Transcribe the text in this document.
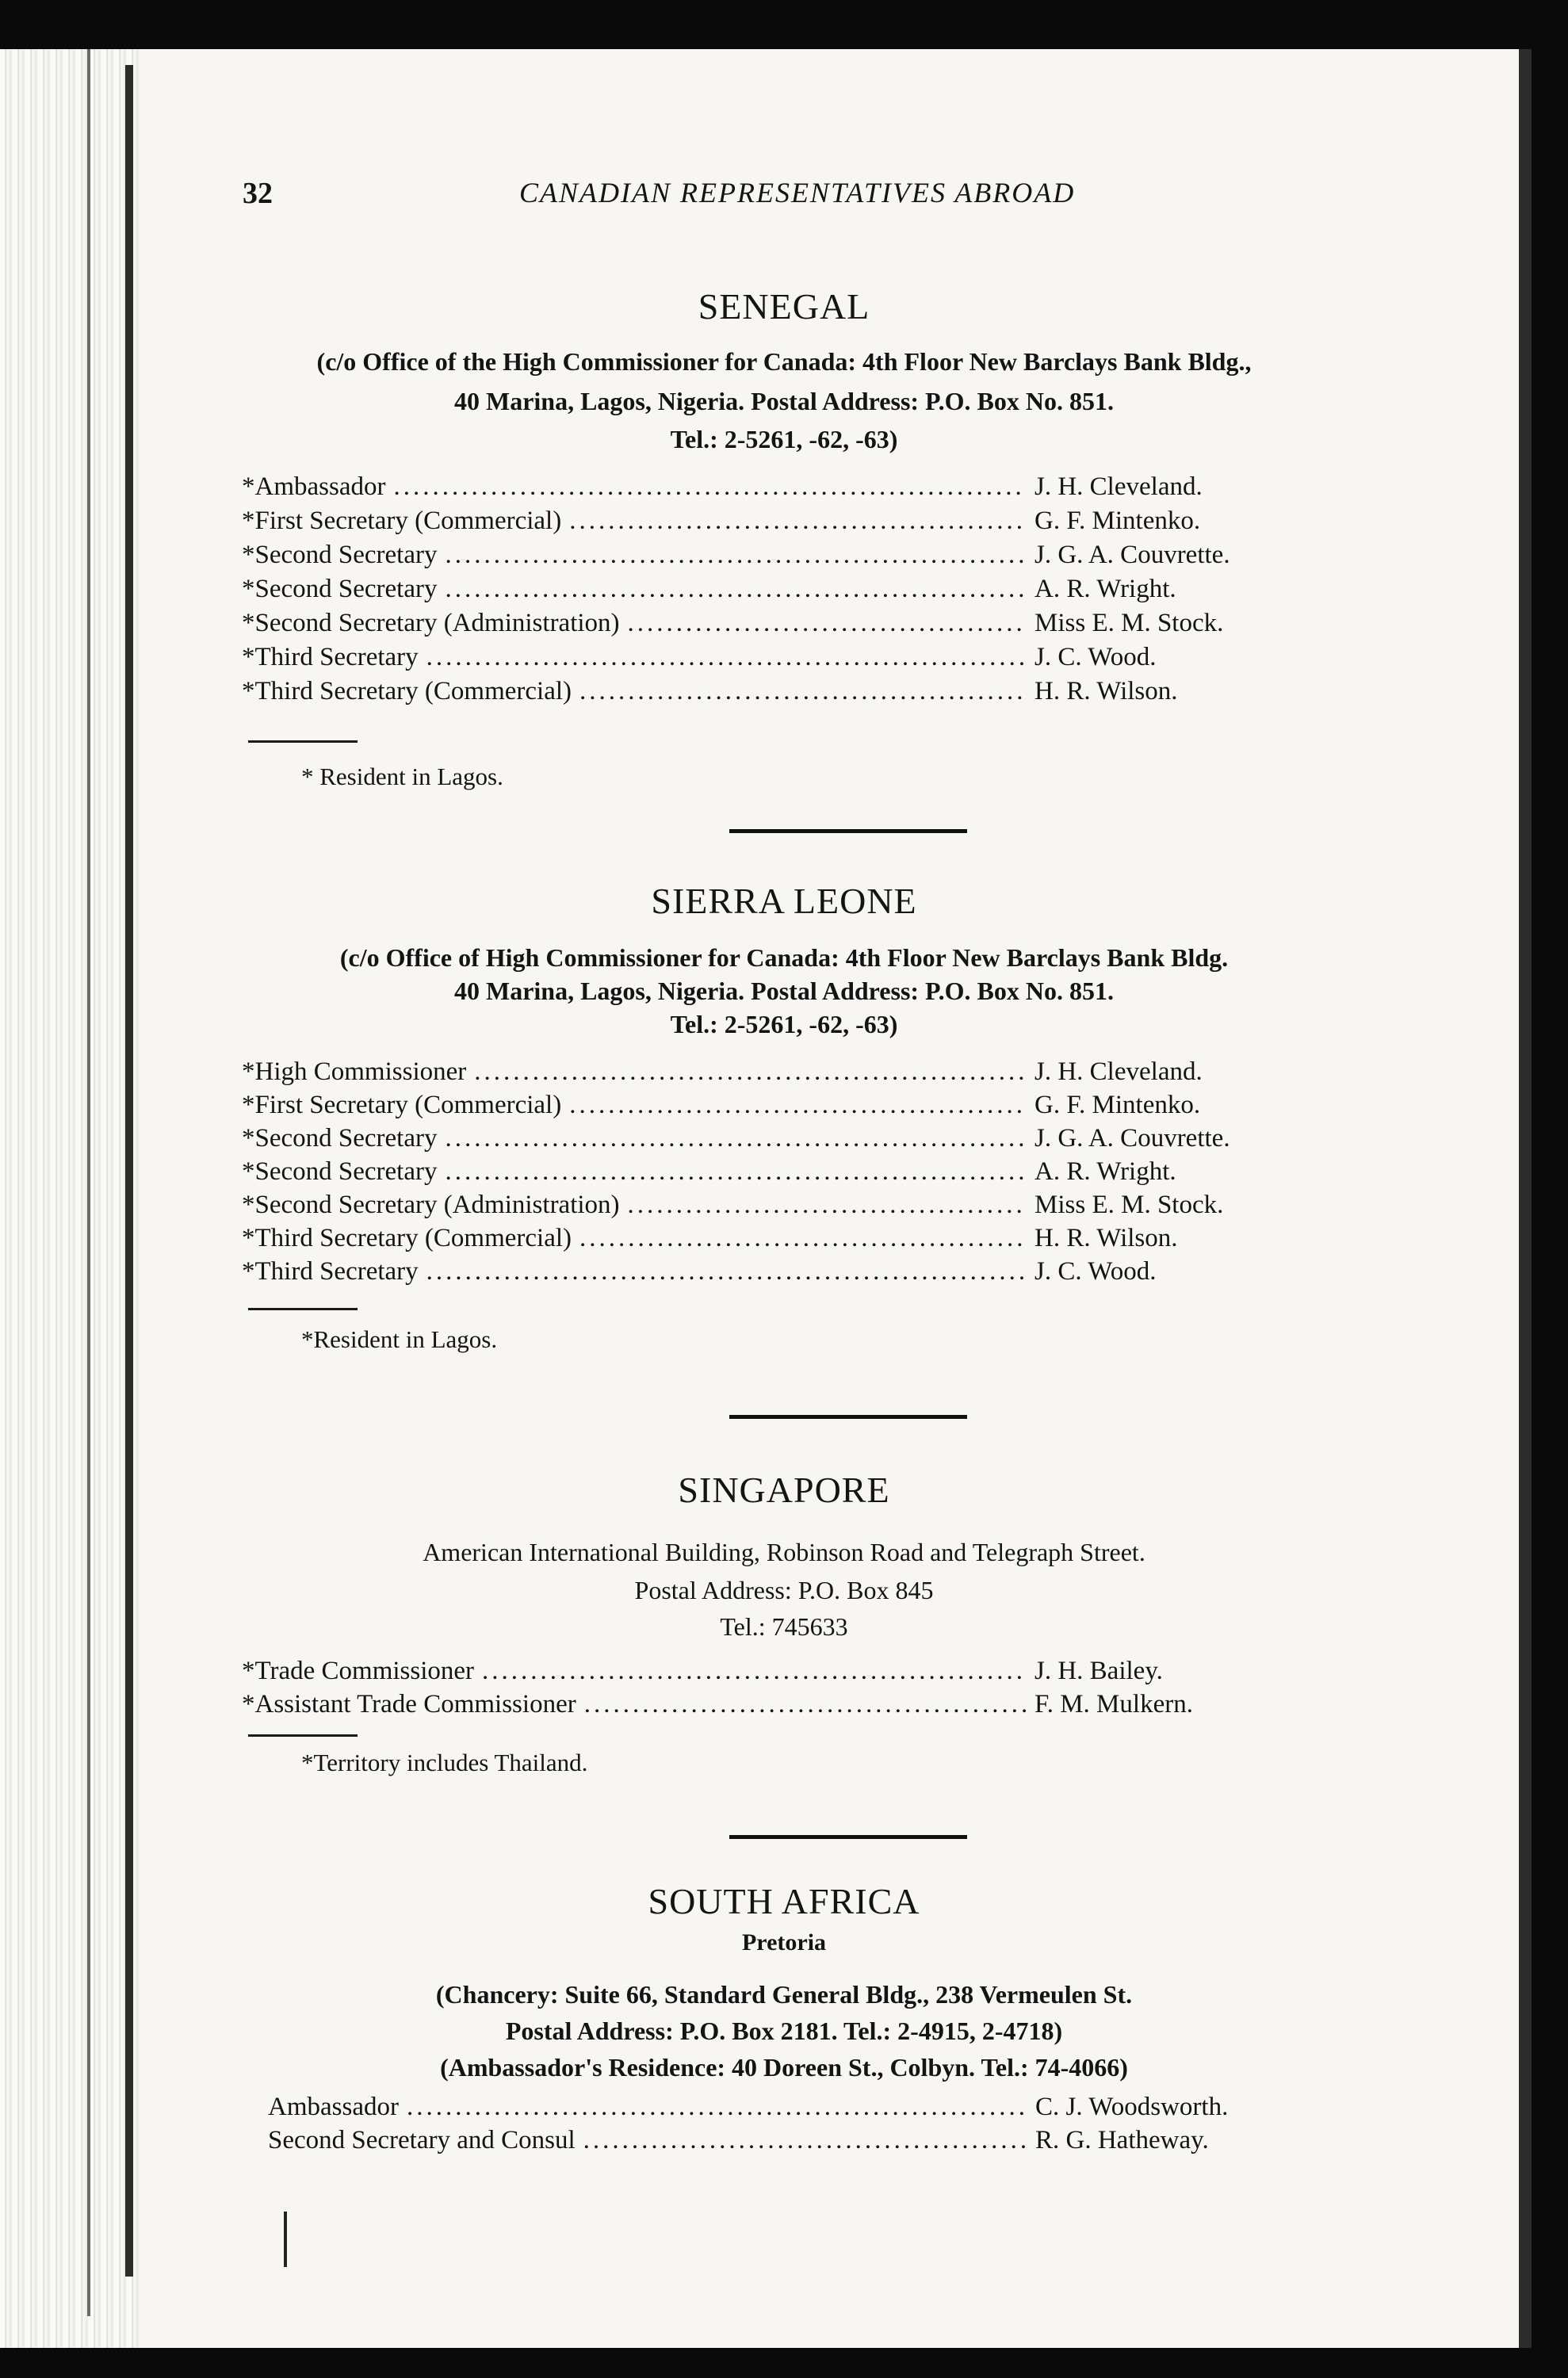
32	CANADIAN REPRESENTATIVES ABROAD
SENEGAL

(c/o Office of the High Commissioner for Canada: 4th Floor New Barclays Bank Bldg.,

40 Marina, Lagos, Nigeria. Postal Address: P.O. Box No. 851.

Tel.: 2-5261, -62, -63)

*Ambassador .....	J. H. Cleveland.
*First Secretary (Commercial) .....	G. F. Mintenko.
*Second Secretary .....	J. G. A. Couvrette.
*Second Secretary .....	A. R. Wright.
*Second Secretary (Administration) .....	Miss E. M. Stock.
*Third Secretary .....	J. C. Wood.
*Third Secretary (Commercial) .....	H. R. Wilson.
* Resident in Lagos.
SIERRA LEONE

(c/o Office of High Commissioner for Canada: 4th Floor New Barclays Bank Bldg.

40 Marina, Lagos, Nigeria. Postal Address: P.O. Box No. 851.

Tel.: 2-5261, -62, -63)

*High Commissioner .....	J. H. Cleveland.
*First Secretary (Commercial) .....	G. F. Mintenko.
*Second Secretary .....	J. G. A. Couvrette.
*Second Secretary .....	A. R. Wright.
*Second Secretary (Administration) .....	Miss E. M. Stock.
*Third Secretary (Commercial) .....	H. R. Wilson.
*Third Secretary .....	J. C. Wood.
*Resident in Lagos.
SINGAPORE

American International Building, Robinson Road and Telegraph Street.

Postal Address: P.O. Box 845

Tel.: 745633

*Trade Commissioner .....	J. H. Bailey.
*Assistant Trade Commissioner .....	F. M. Mulkern.
*Territory includes Thailand.
SOUTH AFRICA
Pretoria

(Chancery: Suite 66, Standard General Bldg., 238 Vermeulen St.

Postal Address: P.O. Box 2181. Tel.: 2-4915, 2-4718)

(Ambassador's Residence: 40 Doreen St., Colbyn. Tel.: 74-4066)

Ambassador .....	C. J. Woodsworth.
Second Secretary and Consul .....	R. G. Hatheway.
